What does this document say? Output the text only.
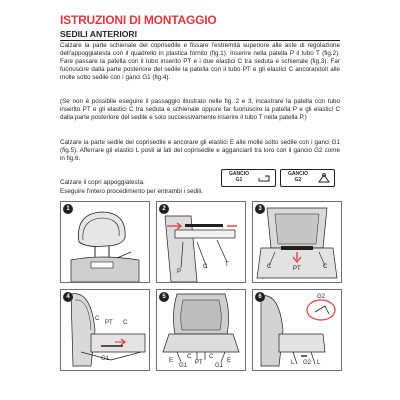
ISTRUZIONI DI MONTAGGIO
SEDILI ANTERIORI

Calzare la parte schienale del coprisedile e fissare l'estremità superiore alle aste di regolazione dell'appoggiatesta con il quadrello in plastica fornito (fig.1). Inserire nella patella P il tubo T (fig.2). Fare passare la patella con il tubo inserito PT e i due elastici C tra seduta e schienale (fig.3). Far fuoriuscire dalla parte posteriore del sedile la patella con il tubo PT e gli elastici C ancorandoli alle molle sotto sedile con i ganci G1 (fig.4).

(Se non è possibile eseguire il passaggio illustrato nelle fig. 2 e 3, incastrare la patella con tubo inserito PT e gli elastici C tra seduta e schienale oppure far fuoriuscire la patella P e gli elastici C dalla parte posteriore del sedile e solo successivamente inserire il tubo T nella patella P.)

Calzare la parte sedile del coprisedile e ancorare gli elastici E alle molle sotto sedile con i ganci G1 (fig.5). Afferrare gli elastici L posti ai lati del coprisedile e agganciarli tra loro con il gancio G2 come in fig.6.

Calzare il copri appoggiatesta.

Eseguire l'intero procedimento per entrambi i sedili.

GANCIO
G1
GANCIO
G2
1	2
P
C	T
3
C	PT	C
4
C
PT
G1
C
5
E
C
PT
C
G1
E
G1
6	G2
L G2 L
